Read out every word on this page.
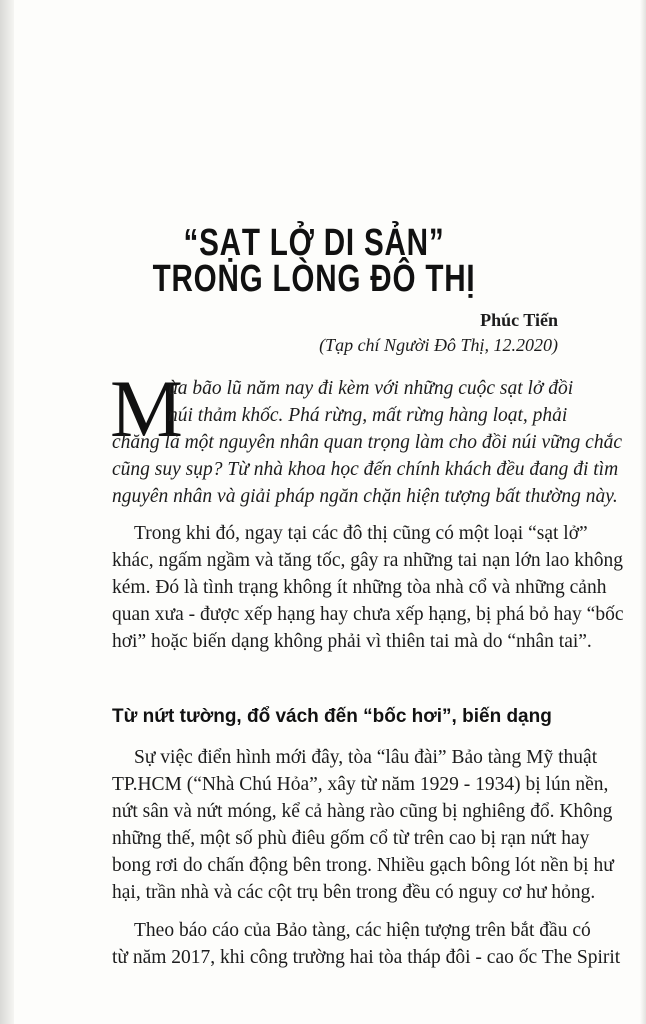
“SẠT LỞ DI SẢN”
TRONG LÒNG ĐÔ THỊ
Phúc Tiến
(Tạp chí Người Đô Thị, 12.2020)
M
ùa bão lũ năm nay đi kèm với những cuộc sạt lở đồi
núi thảm khốc. Phá rừng, mất rừng hàng loạt, phải
chăng là một nguyên nhân quan trọng làm cho đồi núi vững chắc
cũng suy sụp? Từ nhà khoa học đến chính khách đều đang đi tìm
nguyên nhân và giải pháp ngăn chặn hiện tượng bất thường này.
Trong khi đó, ngay tại các đô thị cũng có một loại “sạt lở”
khác, ngấm ngầm và tăng tốc, gây ra những tai nạn lớn lao không
kém. Đó là tình trạng không ít những tòa nhà cổ và những cảnh
quan xưa - được xếp hạng hay chưa xếp hạng, bị phá bỏ hay “bốc
hơi” hoặc biến dạng không phải vì thiên tai mà do “nhân tai”.
Từ nứt tường, đổ vách đến “bốc hơi”, biến dạng
Sự việc điển hình mới đây, tòa “lâu đài” Bảo tàng Mỹ thuật
TP.HCM (“Nhà Chú Hỏa”, xây từ năm 1929 - 1934) bị lún nền,
nứt sân và nứt móng, kể cả hàng rào cũng bị nghiêng đổ. Không
những thế, một số phù điêu gốm cổ từ trên cao bị rạn nứt hay
bong rơi do chấn động bên trong. Nhiều gạch bông lót nền bị hư
hại, trần nhà và các cột trụ bên trong đều có nguy cơ hư hỏng.
Theo báo cáo của Bảo tàng, các hiện tượng trên bắt đầu có
từ năm 2017, khi công trường hai tòa tháp đôi - cao ốc The Spirit
